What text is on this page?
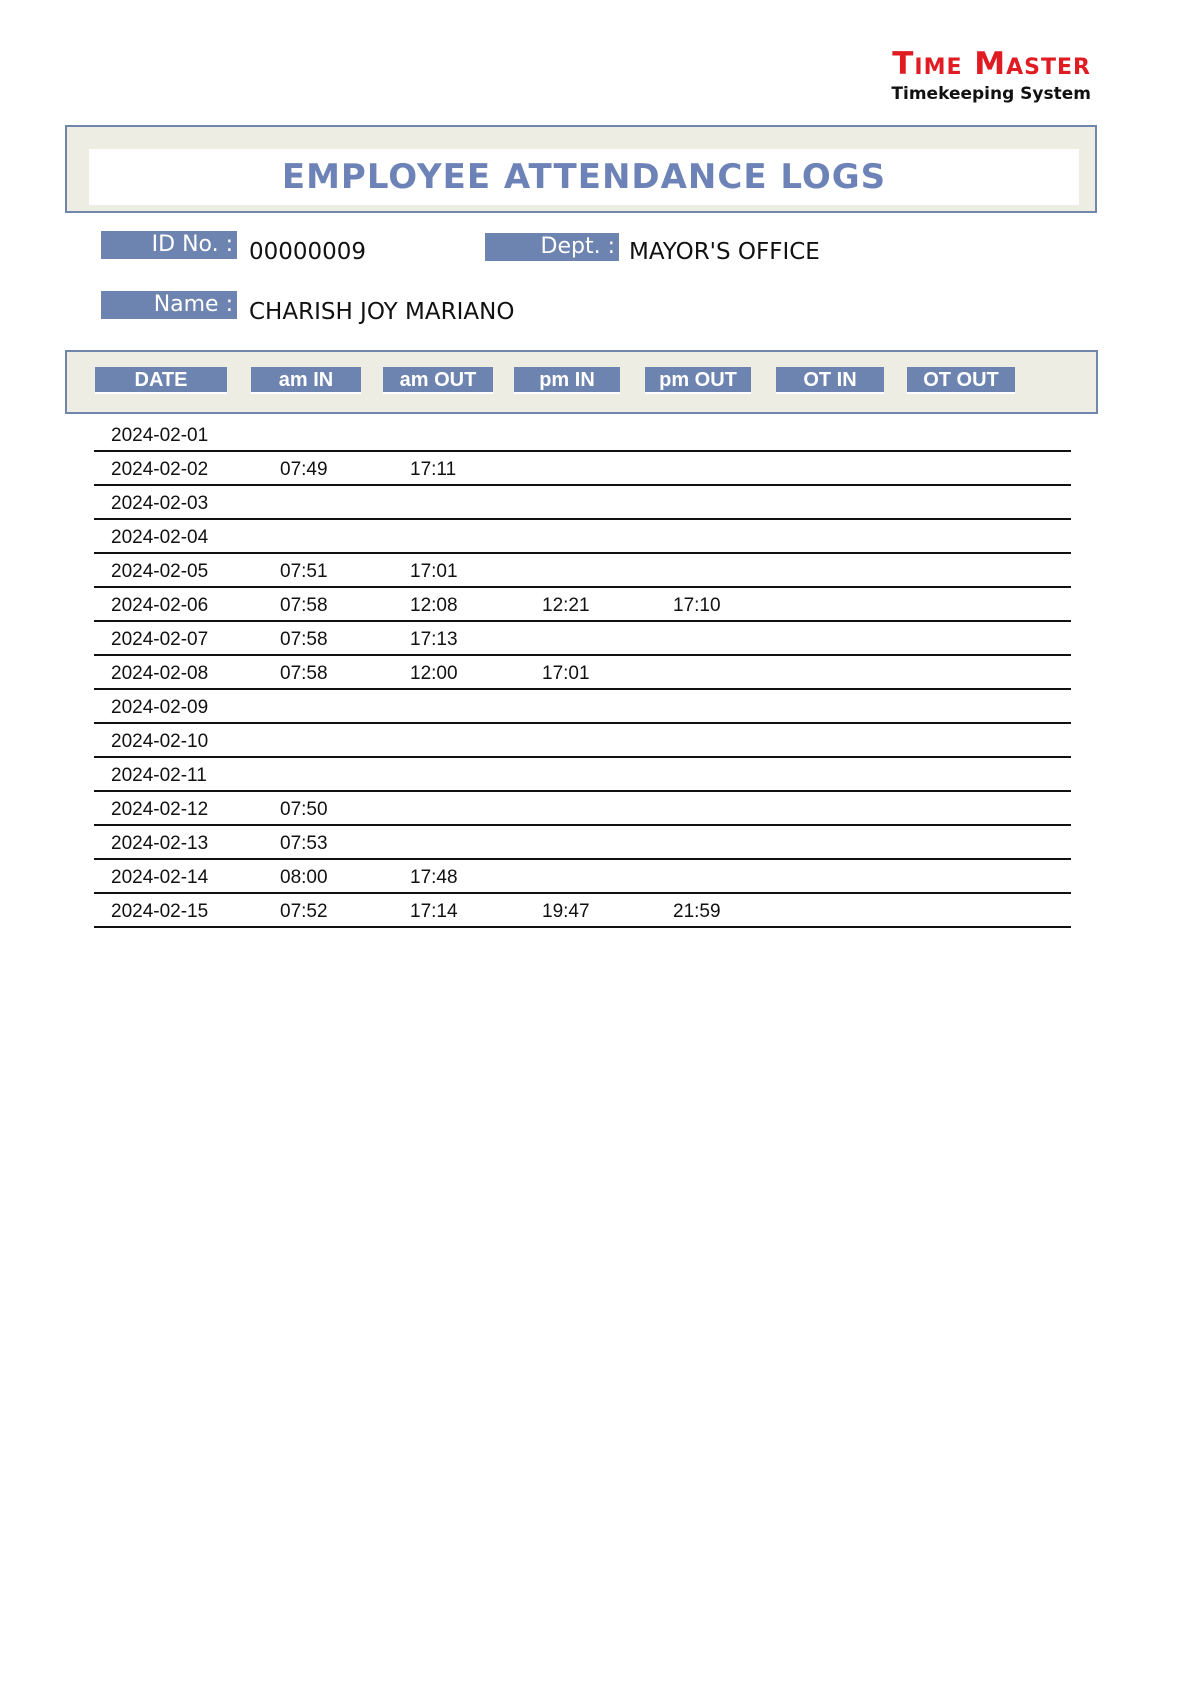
Time Master
Timekeeping System
EMPLOYEE ATTENDANCE LOGS
ID No. : 00000009	Dept. : MAYOR'S OFFICE
Name : CHARISH JOY MARIANO
DATE	am IN	am OUT	pm IN	pm OUT	OT IN	OT OUT
2024-02-01
2024-02-02	07:49	17:11
2024-02-03
2024-02-04
2024-02-05	07:51	17:01
2024-02-06	07:58	12:08	12:21	17:10
2024-02-07	07:58	17:13
2024-02-08	07:58	12:00	17:01
2024-02-09
2024-02-10
2024-02-11
2024-02-12	07:50
2024-02-13	07:53
2024-02-14	08:00	17:48
2024-02-15	07:52	17:14	19:47	21:59
